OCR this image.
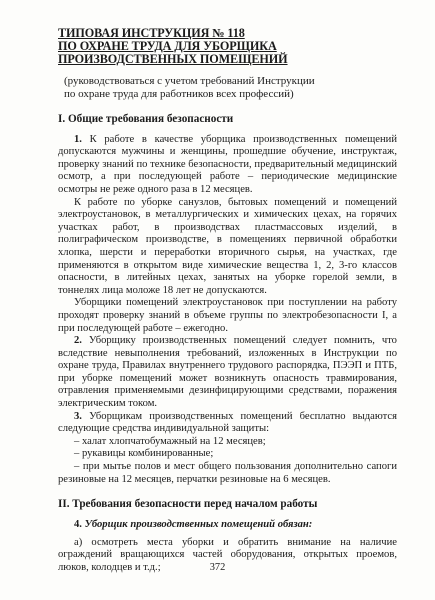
ТИПОВАЯ ИНСТРУКЦИЯ № 118
ПО ОХРАНЕ ТРУДА ДЛЯ УБОРЩИКА
ПРОИЗВОДСТВЕННЫХ ПОМЕЩЕНИЙ
(руководствоваться с учетом требований Инструкции
по охране труда для работников всех профессий)
I. Общие требования безопасности

1. К работе в качестве уборщика производственных помещений допускаются мужчины и женщины, прошедшие обучение, инструктаж, проверку знаний по технике безопасности, предварительный медицинский осмотр, а при последующей работе – периодические медицинские осмотры не реже одного раза в 12 месяцев.

К работе по уборке санузлов, бытовых помещений и помещений электроустановок, в металлургических и химических цехах, на горячих участках работ, в производствах пластмассовых изделий, в полиграфическом производстве, в помещениях первичной обработки хлопка, шерсти и переработки вторичного сырья, на участках, где применяются в открытом виде химические вещества 1, 2, 3-го классов опасности, в литейных цехах, занятых на уборке горелой земли, в тоннелях лица моложе 18 лет не допускаются.

Уборщики помещений электроустановок при поступлении на работу проходят проверку знаний в объеме группы по электробезопасности I, а при последующей работе – ежегодно.

2. Уборщику производственных помещений следует помнить, что вследствие невыполнения требований, изложенных в Инструкции по охране труда, Правилах внутреннего трудового распорядка, ПЭЭП и ПТБ, при уборке помещений может возникнуть опасность травмирования, отравления применяемыми дезинфицирующими средствами, поражения электрическим током.

3. Уборщикам производственных помещений бесплатно выдаются следующие средства индивидуальной защиты:

– халат хлопчатобумажный на 12 месяцев;

– рукавицы комбинированные;

– при мытье полов и мест общего пользования дополнительно сапоги резиновые на 12 месяцев, перчатки резиновые на 6 месяцев.

II. Требования безопасности перед началом работы

4. Уборщик производственных помещений обязан:

а) осмотреть места уборки и обратить внимание на наличие ограждений вращающихся частей оборудования, открытых проемов, люков, колодцев и т.д.;	372
